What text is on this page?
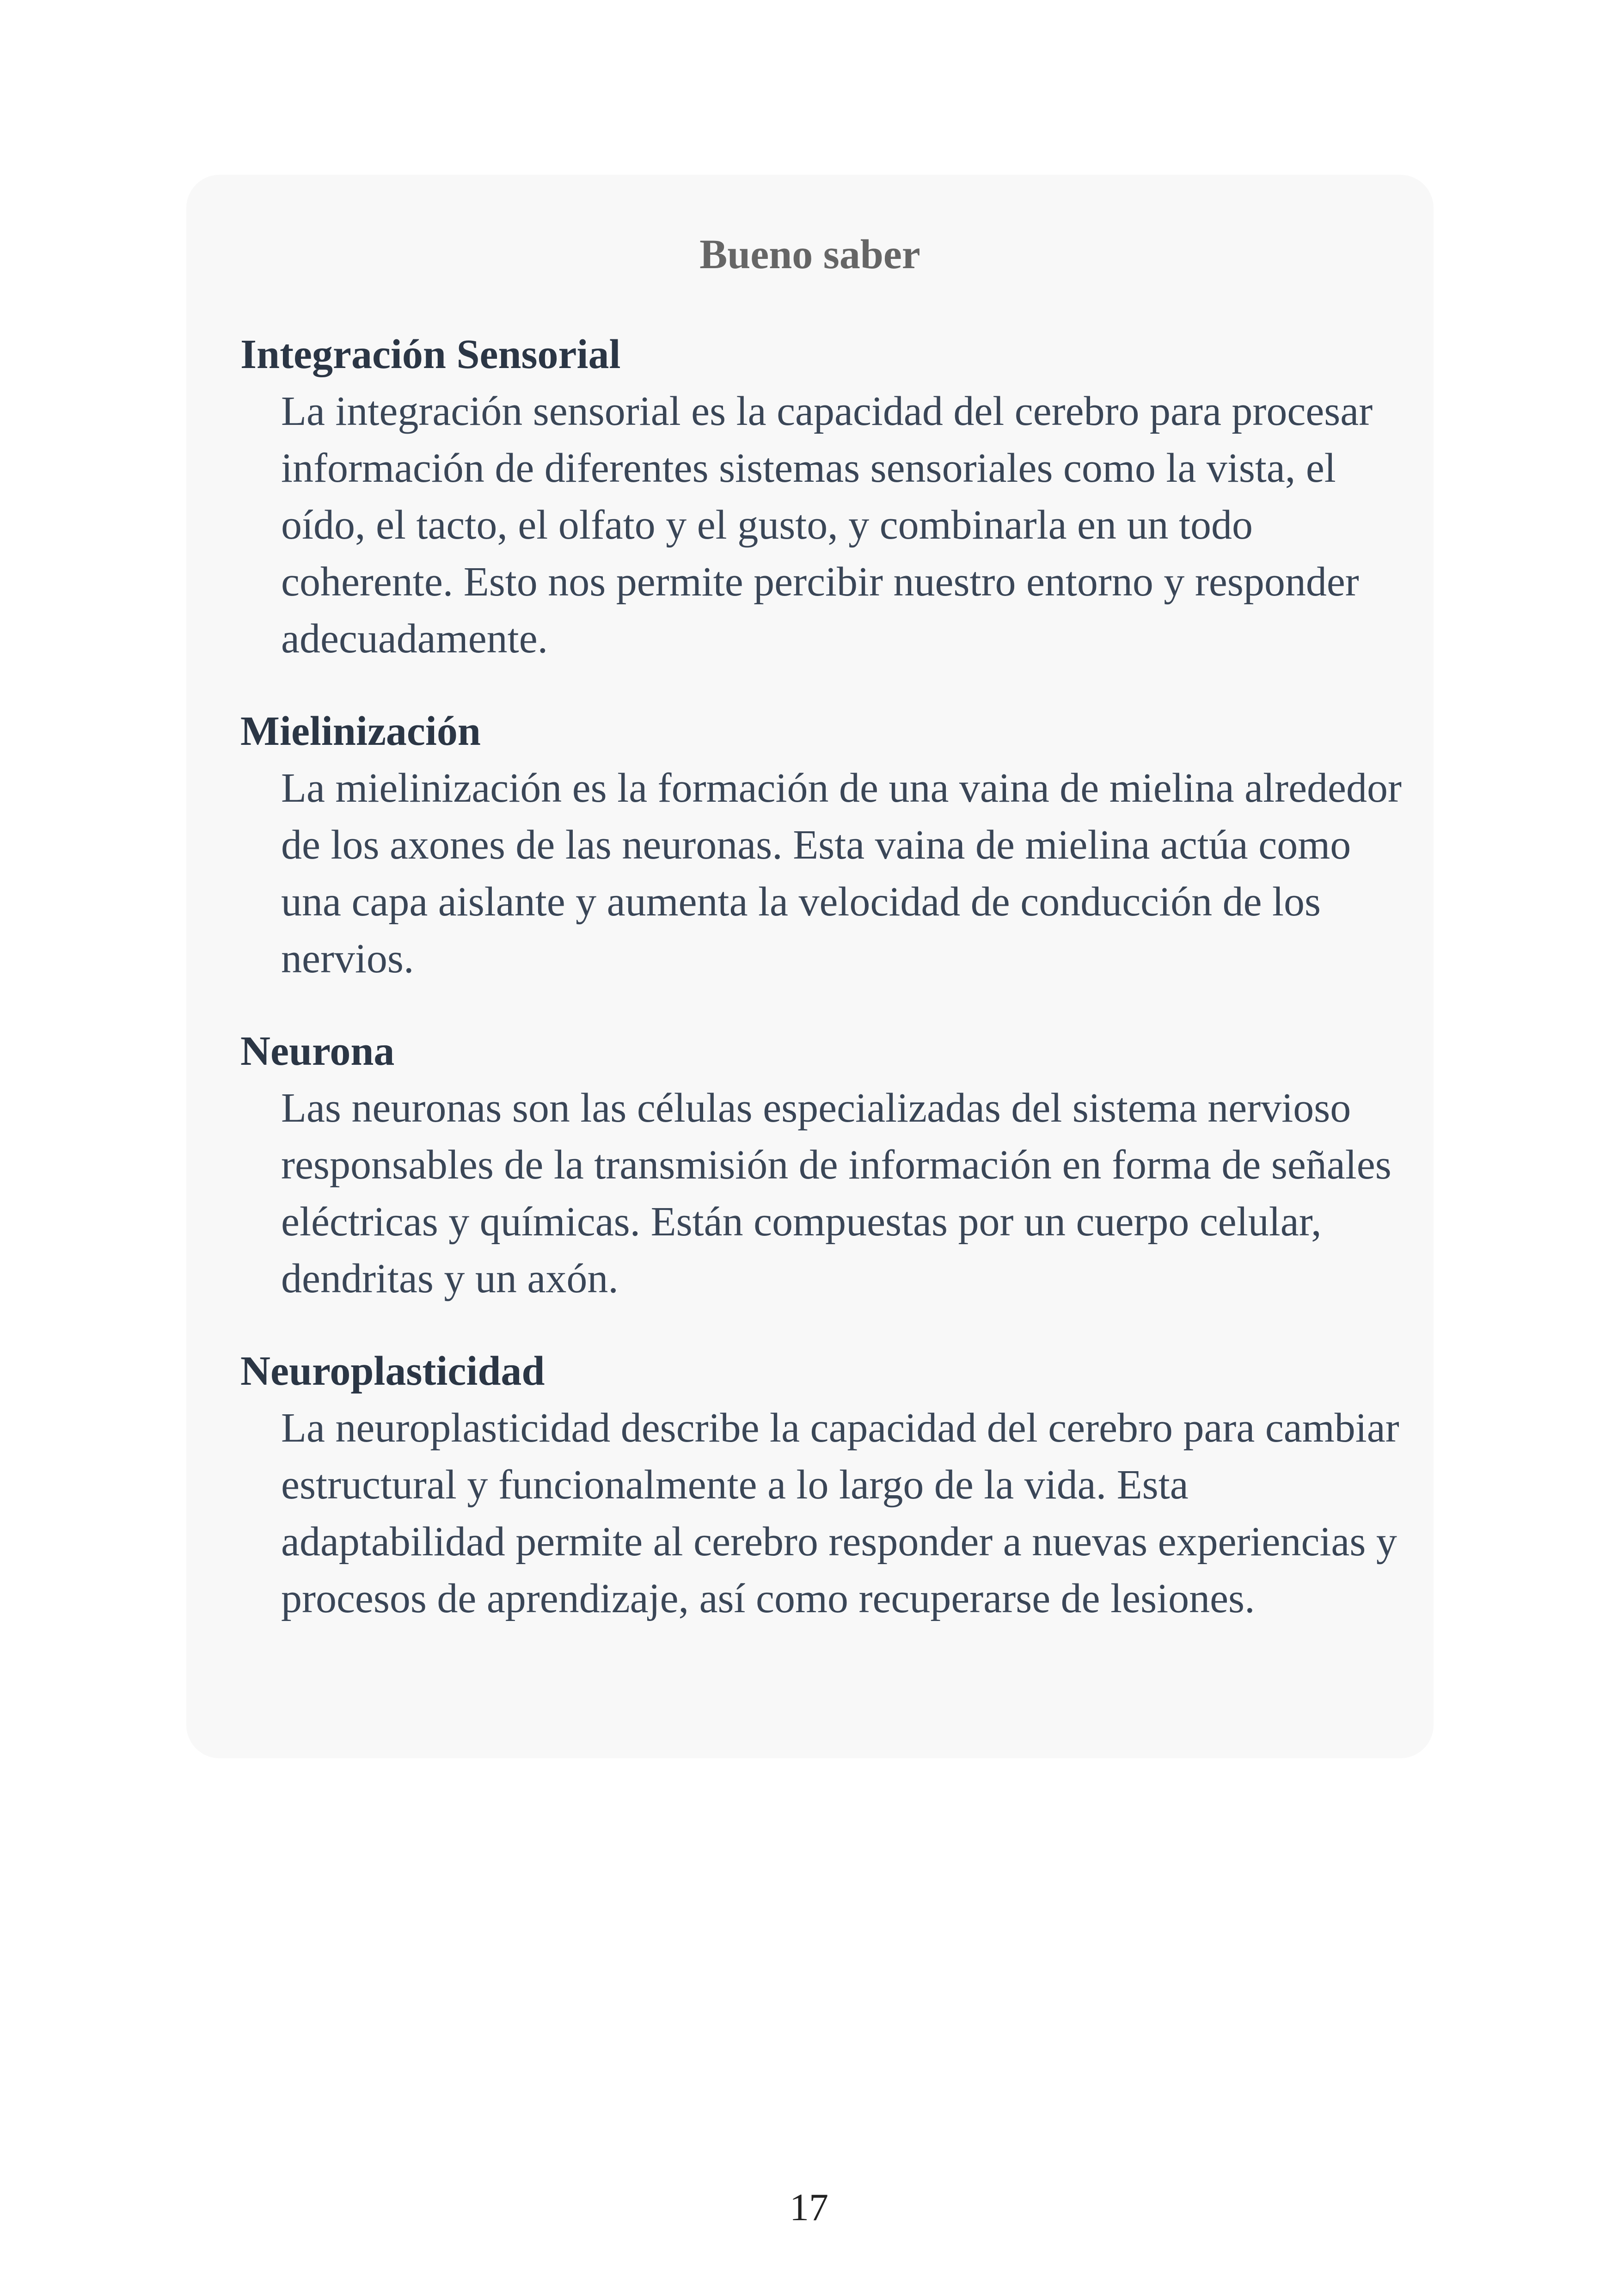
Bueno saber
Integración Sensorial

La integración sensorial es la capacidad del cerebro para procesar información de diferentes sistemas sensoriales como la vista, el oído, el tacto, el olfato y el gusto, y combinarla en un todo coherente. Esto nos permite percibir nuestro entorno y responder adecuadamente.

Mielinización

La mielinización es la formación de una vaina de mielina alrededor de los axones de las neuronas. Esta vaina de mielina actúa como una capa aislante y aumenta la velocidad de conducción de los nervios.

Neurona

Las neuronas son las células especializadas del sistema nervioso responsables de la transmisión de información en forma de señales eléctricas y químicas. Están compuestas por un cuerpo celular, dendritas y un axón.

Neuroplasticidad

La neuroplasticidad describe la capacidad del cerebro para cambiar estructural y funcionalmente a lo largo de la vida. Esta adaptabilidad permite al cerebro responder a nuevas experiencias y procesos de aprendizaje, así como recuperarse de lesiones.

17
